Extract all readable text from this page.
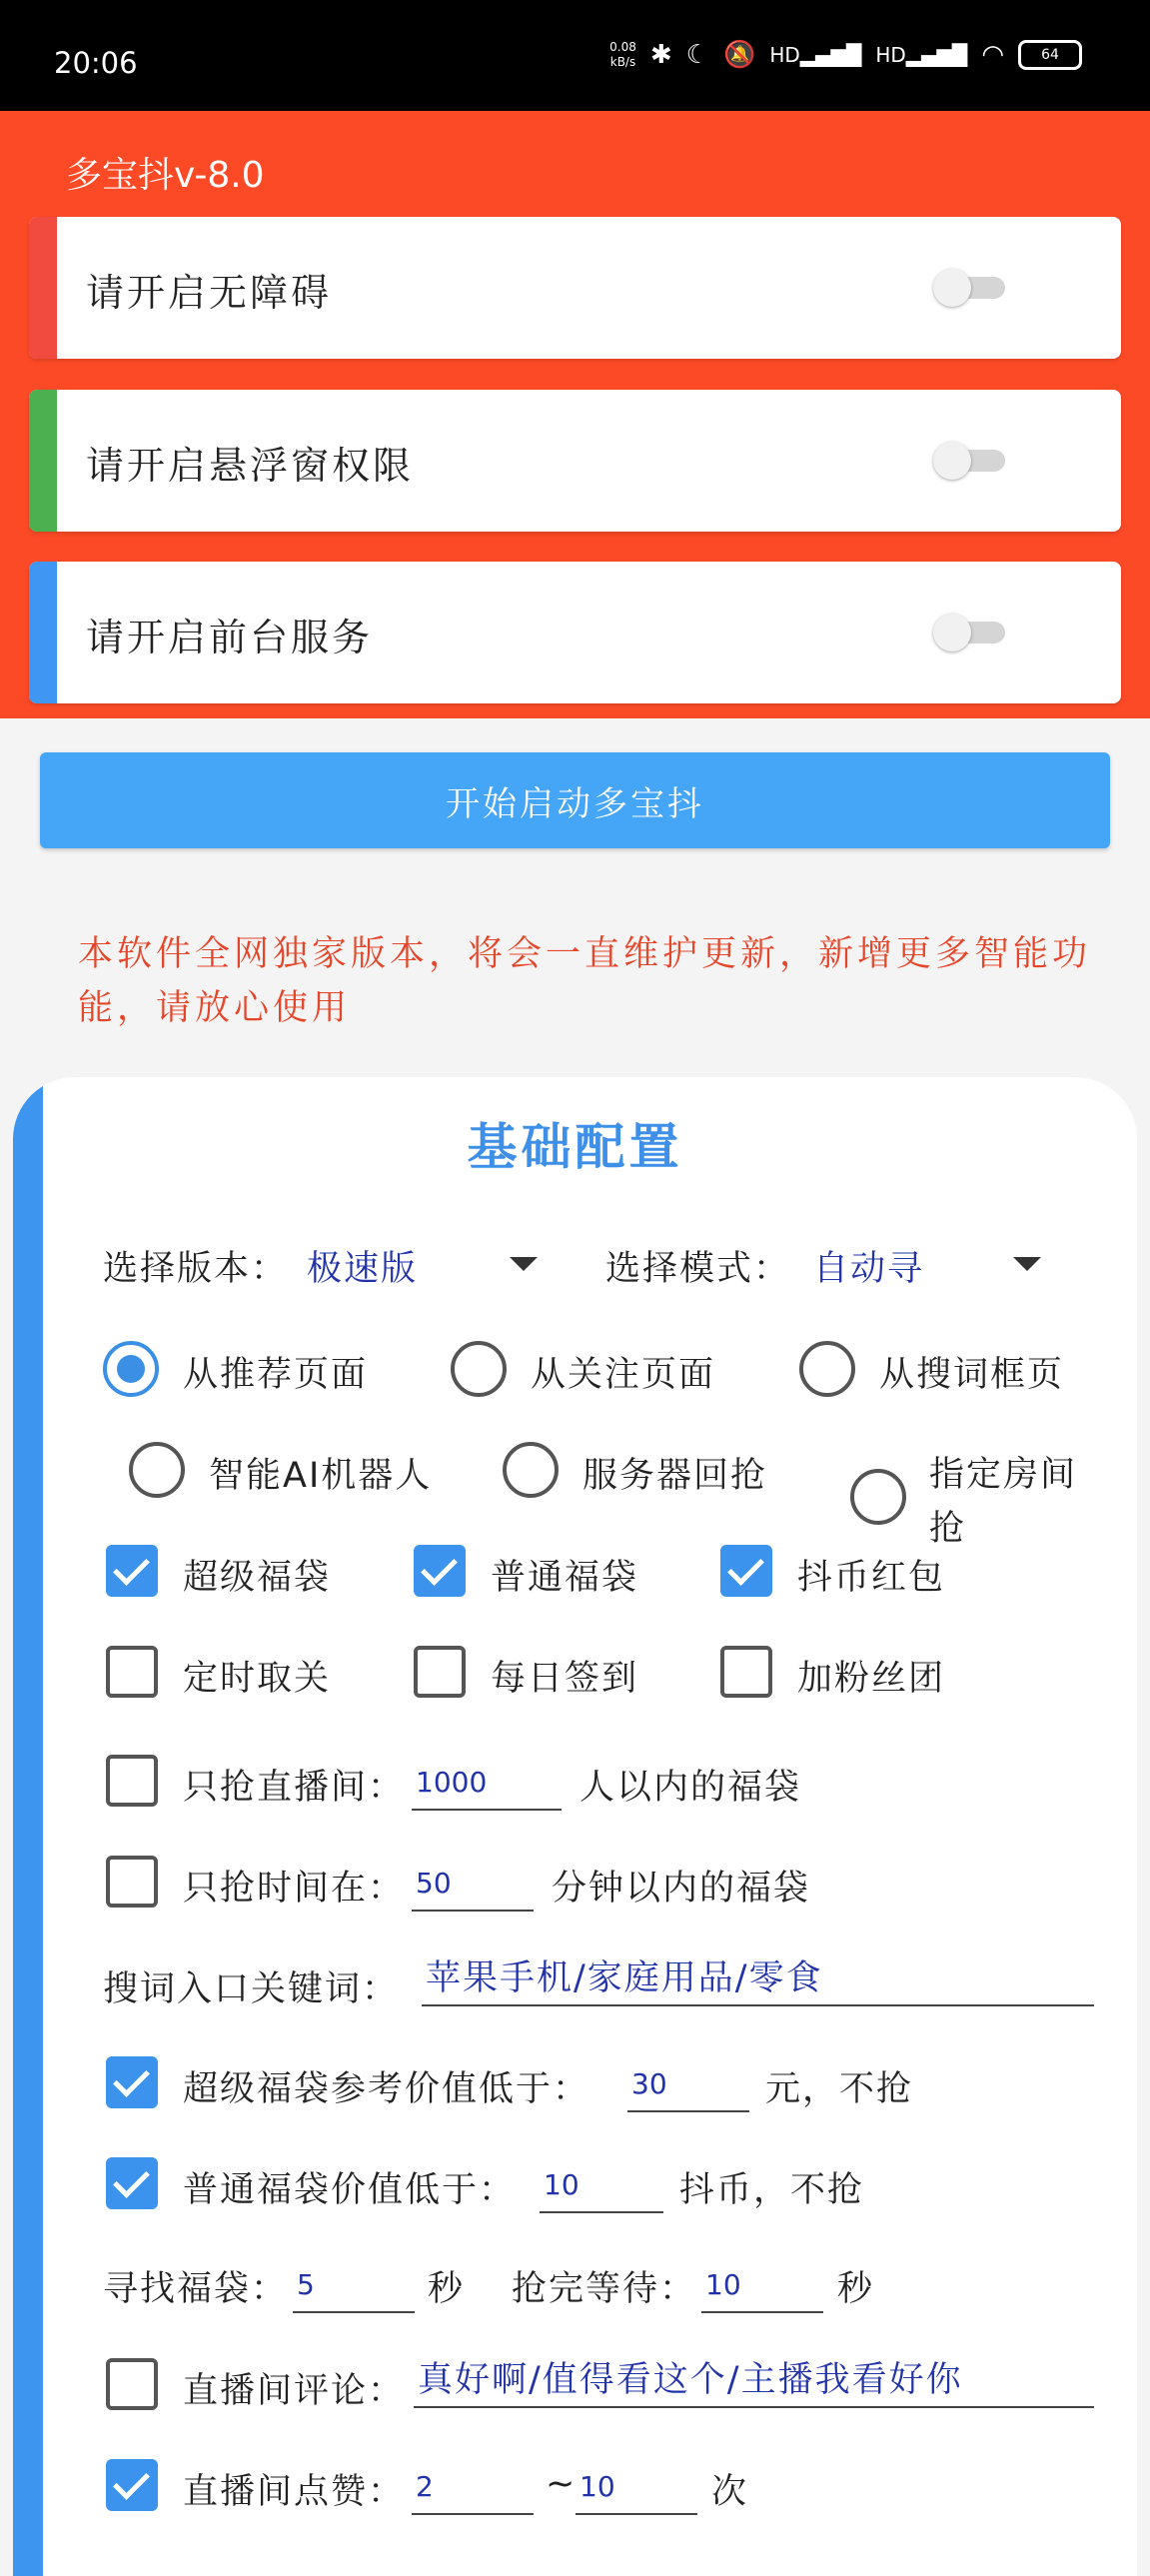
20:06	0.08
kB/s ✱ ☾ 🔕 HD▂▄▆█ HD▂▄▆█ ◠	64
多宝抖v-8.0
请开启无障碍
请开启悬浮窗权限
请开启前台服务
开始启动多宝抖
本软件全网独家版本，将会一直维护更新，新增更多智能功能，请放心使用
基础配置
选择版本： 极速版	选择模式： 自动寻
从推荐页面	从关注页面	从搜词框页
智能AI机器人	服务器回抢	指定房间抢
超级福袋	普通福袋	抖币红包
定时取关	每日签到	加粉丝团
只抢直播间： 1000	人以内的福袋
只抢时间在： 50	分钟以内的福袋
搜词入口关键词： 苹果手机/家庭用品/零食
超级福袋参考价值低于： 30	元，不抢
普通福袋价值低于： 10	抖币，不抢
寻找福袋： 5	秒 抢完等待： 10	秒
直播间评论： 真好啊/值得看这个/主播我看好你
直播间点赞： 2	~ 10	次
